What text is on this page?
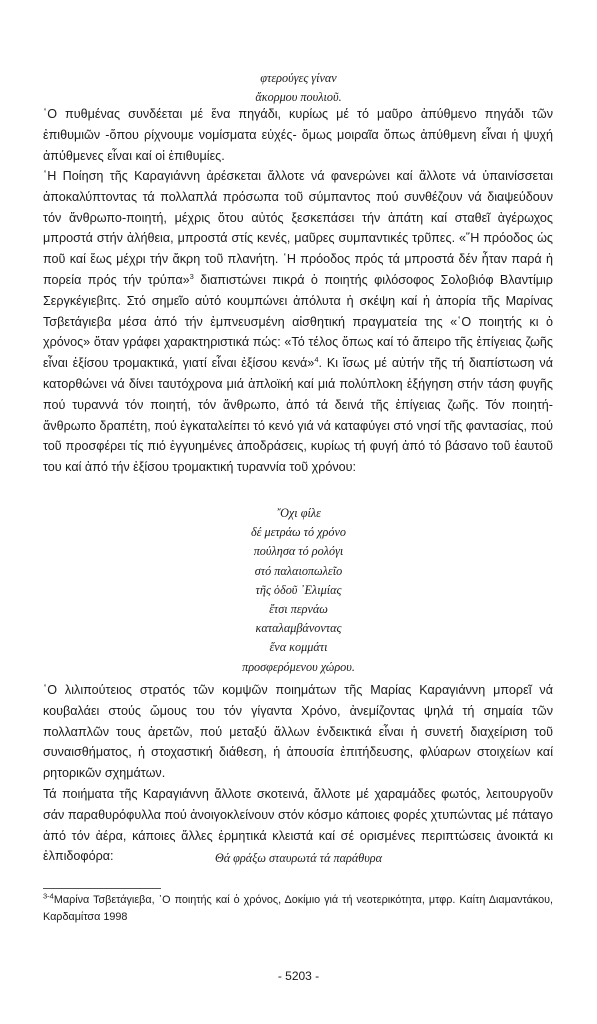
φτερούγες γίναν
ἄκορμου πουλιοῦ.

῾Ο πυθμένας συνδέεται μέ ἕνα πηγάδι, κυρίως μέ τό μαῦρο ἀπύθμενο πηγάδι τῶν ἐπιθυμιῶν -ὅπου ρίχνουμε νομίσματα εὐχές- ὅμως μοιραῖα ὅπως ἀπύθμενη εἶναι ἡ ψυχή ἀπύθμενες εἶναι καί οἱ ἐπιθυμίες.

῾Η Ποίηση τῆς Καραγιάννη ἀρέσκεται ἄλλοτε νά φανερώνει καί ἄλλοτε νά ὑπαινίσσεται ἀποκαλύπτοντας τά πολλαπλά πρόσωπα τοῦ σύμπαντος πού συνθέζουν νά διαψεύδουν τόν ἄνθρωπο-ποιητή, μέχρις ὅτου αὐτός ξεσκεπάσει τήν ἀπάτη καί σταθεῖ ἀγέρωχος μπροστά στήν ἀλήθεια, μπροστά στίς κενές, μαῦρες συμπαντικές τρῦπες. «῞Η πρόοδος ὡς ποῦ καί ἕως μέχρι τήν ἄκρη τοῦ πλανήτη. ῾Η πρόοδος πρός τά μπροστά δέν ἦταν παρά ἡ πορεία πρός τήν τρύπα»$^3$ διαπιστώνει πικρά ὁ ποιητής φιλόσοφος Σολοβιόφ Βλαντίμιρ Σεργκέγιεβιτς. Στό σημεῖο αὐτό κουμπώνει ἀπόλυτα ἡ σκέψη καί ἡ ἀπορία τῆς Μαρίνας Τσβετάγιεβα μέσα ἀπό τήν ἐμπνευσμένη αἰσθητική πραγματεία της «῾Ο ποιητής κι ὁ χρόνος» ὅταν γράφει χαρακτηριστικά πώς: «Τό τέλος ὅπως καί τό ἄπειρο τῆς ἐπίγειας ζωῆς εἶναι ἐξίσου τρομακτικά, γιατί εἶναι ἐξίσου κενά»$^4$. Κι ἴσως μέ αὐτήν τῆς τή διαπίστωση νά κατορθώνει νά δίνει ταυτόχρονα μιά ἁπλοϊκή καί μιά πολύπλοκη ἐξήγηση στήν τάση φυγῆς πού τυραννά τόν ποιητή, τόν ἄνθρωπο, ἀπό τά δεινά τῆς ἐπίγειας ζωῆς. Τόν ποιητή-ἄνθρωπο δραπέτη, πού ἐγκαταλείπει τό κενό γιά νά καταφύγει στό νησί τῆς φαντασίας, πού τοῦ προσφέρει τίς πιό ἐγγυημένες ἀποδράσεις, κυρίως τή φυγή ἀπό τό βάσανο τοῦ ἑαυτοῦ του καί ἀπό τήν ἐξίσου τρομακτική τυραννία τοῦ χρόνου:

῎Οχι φίλε
δέ μετράω τό χρόνο
πούλησα τό ρολόγι
στό παλαιοπωλεῖο
τῆς ὁδοῦ ᾿Ελιμίας
ἔτσι περνάω
καταλαμβάνοντας
ἕνα κομμάτι
προσφερόμενου χώρου.

῾Ο λιλιπούτειος στρατός τῶν κομψῶν ποιημάτων τῆς Μαρίας Καραγιάννη μπορεῖ νά κουβαλάει στούς ὤμους του τόν γίγαντα Χρόνο, ἀνεμίζοντας ψηλά τή σημαία τῶν πολλαπλῶν τους ἀρετῶν, πού μεταξύ ἄλλων ἐνδεικτικά εἶναι ἡ συνετή διαχείριση τοῦ συναισθήματος, ἡ στοχαστική διάθεση, ἡ ἀπουσία ἐπιτήδευσης, φλύαρων στοιχείων καί ρητορικῶν σχημάτων.

Τά ποιήματα τῆς Καραγιάννη ἄλλοτε σκοτεινά, ἄλλοτε μέ χαραμάδες φωτός, λειτουργοῦν σάν παραθυρόφυλλα πού ἀνοιγοκλείνουν στόν κόσμο κάποιες φορές χτυπώντας μέ πάταγο ἀπό τόν ἀέρα, κάποιες ἄλλες ἑρμητικά κλειστά καί σέ ορισμένες περιπτώσεις ἀνοικτά κι ἐλπιδοφόρα:	Θά φράξω σταυρωτά τά παράθυρα
$^{3-4}$Μαρίνα Τσβετάγιεβα, ῾Ο ποιητής καί ὁ χρόνος, Δοκίμιο γιά τή νεοτερικότητα, μτφρ. Καίτη Διαμαντάκου, Καρδαμίτσα 1998
- 5203 -
